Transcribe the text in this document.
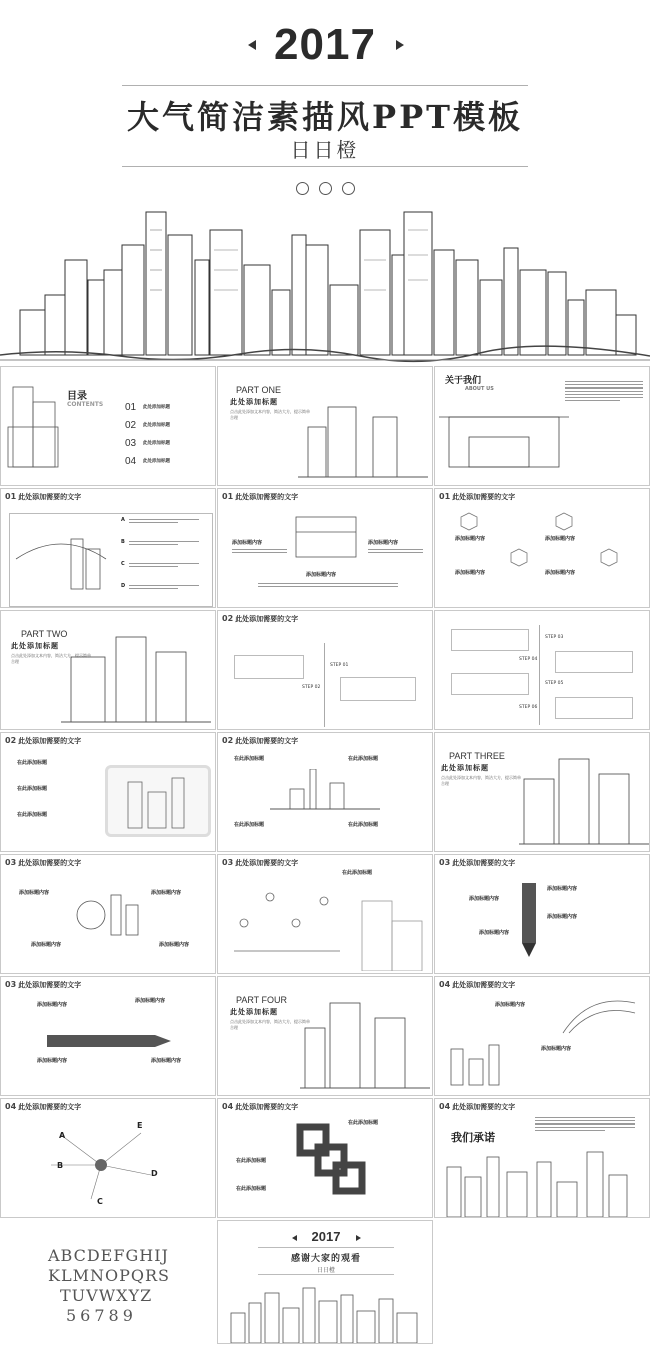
2017
大气简洁素描风PPT模板
日日橙
目录
CONTENTS 01 此处添加标题
02 此处添加标题
03 此处添加标题
04 此处添加标题
PART ONE
此处添加标题
点击此处添加文本内容，简洁大方，提示简单合理
关于我们
ABOUT US
01 此处添加需要的文字
A
B
C
D
01 此处添加需要的文字
添加标题内容	添加标题内容
添加标题内容
01 此处添加需要的文字
添加标题内容	添加标题内容
添加标题内容	添加标题内容
PART TWO
此处添加标题
点击此处添加文本内容，简洁大方，提示简单合理
02 此处添加需要的文字
STEP 01
STEP 02
STEP 03
STEP 04
STEP 05
STEP 06
02 此处添加需要的文字
在此添加标题
在此添加标题
在此添加标题
02 此处添加需要的文字
在此添加标题	在此添加标题
在此添加标题	在此添加标题
PART THREE
此处添加标题
点击此处添加文本内容，简洁大方，提示简单合理
03 此处添加需要的文字
添加标题内容	添加标题内容
添加标题内容	添加标题内容
03 此处添加需要的文字
在此添加标题
03 此处添加需要的文字
添加标题内容
添加标题内容
添加标题内容
添加标题内容
03 此处添加需要的文字
添加标题内容
添加标题内容
添加标题内容	添加标题内容
PART FOUR
此处添加标题
点击此处添加文本内容，简洁大方，提示简单合理
04 此处添加需要的文字
添加标题内容
添加标题内容
04 此处添加需要的文字
A
B
C
D
E
04 此处添加需要的文字
在此添加标题
在此添加标题
在此添加标题
04 此处添加需要的文字
我们承诺
ABCDEFGHIJ
KLMNOPQRS
TUVWXYZ
56789
2017
感谢大家的观看
日日橙
